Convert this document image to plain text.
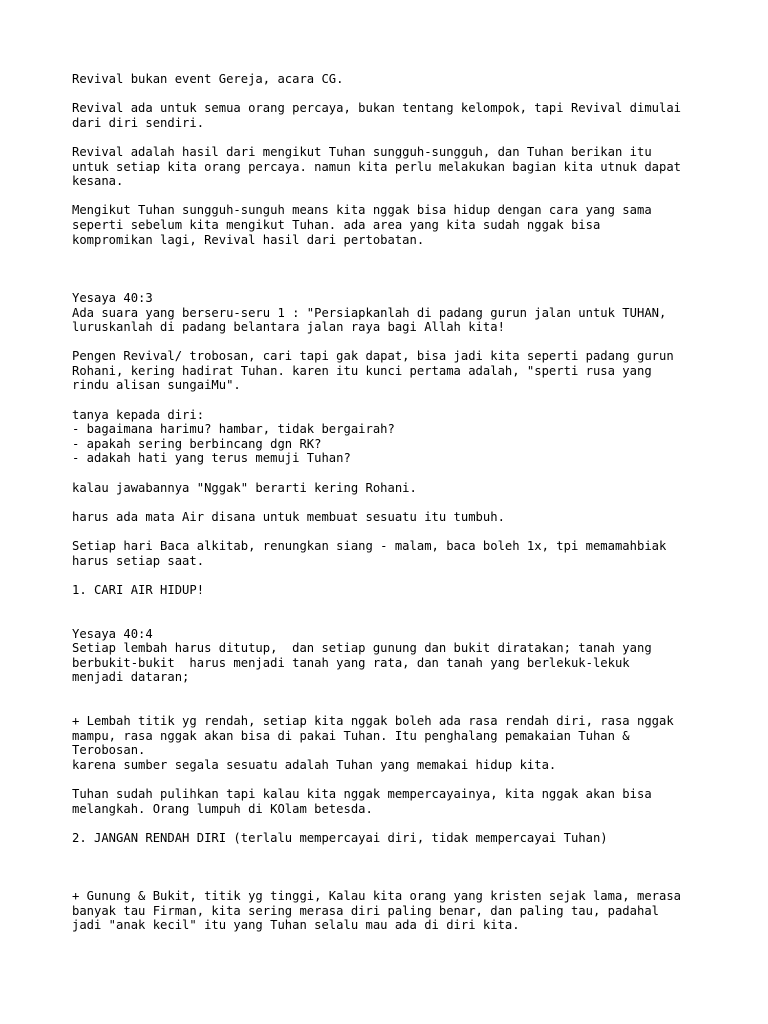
Revival bukan event Gereja, acara CG.
Revival ada untuk semua orang percaya, bukan tentang kelompok, tapi Revival dimulai
dari diri sendiri.
Revival adalah hasil dari mengikut Tuhan sungguh-sungguh, dan Tuhan berikan itu
untuk setiap kita orang percaya. namun kita perlu melakukan bagian kita utnuk dapat
kesana.
Mengikut Tuhan sungguh-sunguh means kita nggak bisa hidup dengan cara yang sama
seperti sebelum kita mengikut Tuhan. ada area yang kita sudah nggak bisa
kompromikan lagi, Revival hasil dari pertobatan.
Yesaya 40:3
Ada suara yang berseru-seru 1 : "Persiapkanlah di padang gurun jalan untuk TUHAN,
luruskanlah di padang belantara jalan raya bagi Allah kita!
Pengen Revival/ trobosan, cari tapi gak dapat, bisa jadi kita seperti padang gurun
Rohani, kering hadirat Tuhan. karen itu kunci pertama adalah, "sperti rusa yang
rindu alisan sungaiMu".
tanya kepada diri:
- bagaimana harimu? hambar, tidak bergairah?
- apakah sering berbincang dgn RK?
- adakah hati yang terus memuji Tuhan?
kalau jawabannya "Nggak" berarti kering Rohani.
harus ada mata Air disana untuk membuat sesuatu itu tumbuh.
Setiap hari Baca alkitab, renungkan siang - malam, baca boleh 1x, tpi memamahbiak
harus setiap saat.
1. CARI AIR HIDUP!
Yesaya 40:4
Setiap lembah harus ditutup,  dan setiap gunung dan bukit diratakan; tanah yang
berbukit-bukit  harus menjadi tanah yang rata, dan tanah yang berlekuk-lekuk
menjadi dataran;
+ Lembah titik yg rendah, setiap kita nggak boleh ada rasa rendah diri, rasa nggak
mampu, rasa nggak akan bisa di pakai Tuhan. Itu penghalang pemakaian Tuhan &
Terobosan.
karena sumber segala sesuatu adalah Tuhan yang memakai hidup kita.
Tuhan sudah pulihkan tapi kalau kita nggak mempercayainya, kita nggak akan bisa
melangkah. Orang lumpuh di KOlam betesda.
2. JANGAN RENDAH DIRI (terlalu mempercayai diri, tidak mempercayai Tuhan)
+ Gunung & Bukit, titik yg tinggi, Kalau kita orang yang kristen sejak lama, merasa
banyak tau Firman, kita sering merasa diri paling benar, dan paling tau, padahal
jadi "anak kecil" itu yang Tuhan selalu mau ada di diri kita.
